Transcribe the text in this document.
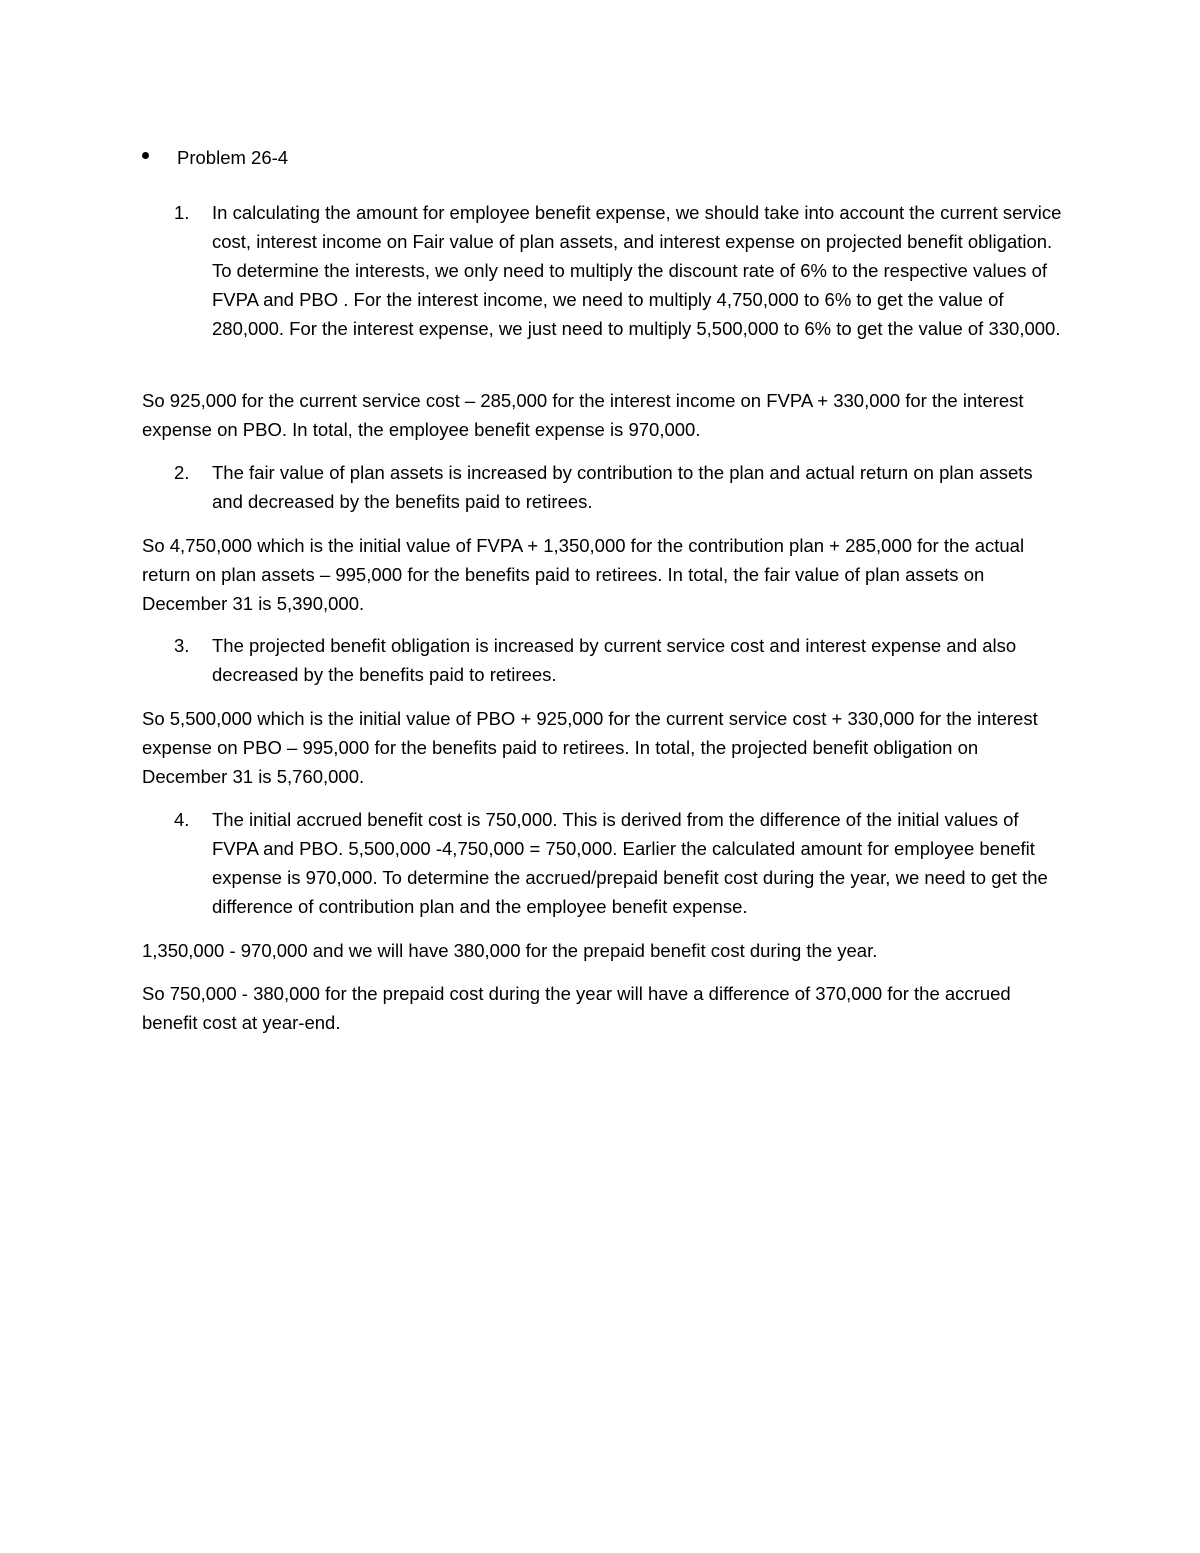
Problem 26-4
1.	In calculating the amount for employee benefit expense, we should take into account the current service cost, interest income on Fair value of plan assets, and interest expense on projected benefit obligation. To determine the interests, we only need to multiply the discount rate of 6% to the respective values of FVPA and PBO . For the interest income, we need to multiply 4,750,000 to 6% to get the value of 280,000. For the interest expense, we just need to multiply 5,500,000 to 6% to get the value of 330,000.
So 925,000 for the current service cost – 285,000 for the interest income on FVPA + 330,000 for the interest expense on PBO. In total, the employee benefit expense is 970,000.
2.	The fair value of plan assets is increased by contribution to the plan and actual return on plan assets and decreased by the benefits paid to retirees.
So 4,750,000 which is the initial value of FVPA + 1,350,000 for the contribution plan + 285,000 for the actual return on plan assets – 995,000 for the benefits paid to retirees. In total, the fair value of plan assets on December 31 is 5,390,000.
3.	The projected benefit obligation is increased by current service cost and interest expense and also decreased by the benefits paid to retirees.
So 5,500,000 which is the initial value of PBO + 925,000 for the current service cost + 330,000 for the interest expense on PBO – 995,000 for the benefits paid to retirees. In total, the projected benefit obligation on December 31 is 5,760,000.
4.	The initial accrued benefit cost is 750,000. This is derived from the difference of the initial values of FVPA and PBO. 5,500,000 -4,750,000 = 750,000. Earlier the calculated amount for employee benefit expense is 970,000. To determine the accrued/prepaid benefit cost during the year, we need to get the difference of contribution plan and the employee benefit expense.
1,350,000 - 970,000 and we will have 380,000 for the prepaid benefit cost during the year.
So 750,000 - 380,000 for the prepaid cost during the year will have a difference of 370,000 for the accrued benefit cost at year-end.
